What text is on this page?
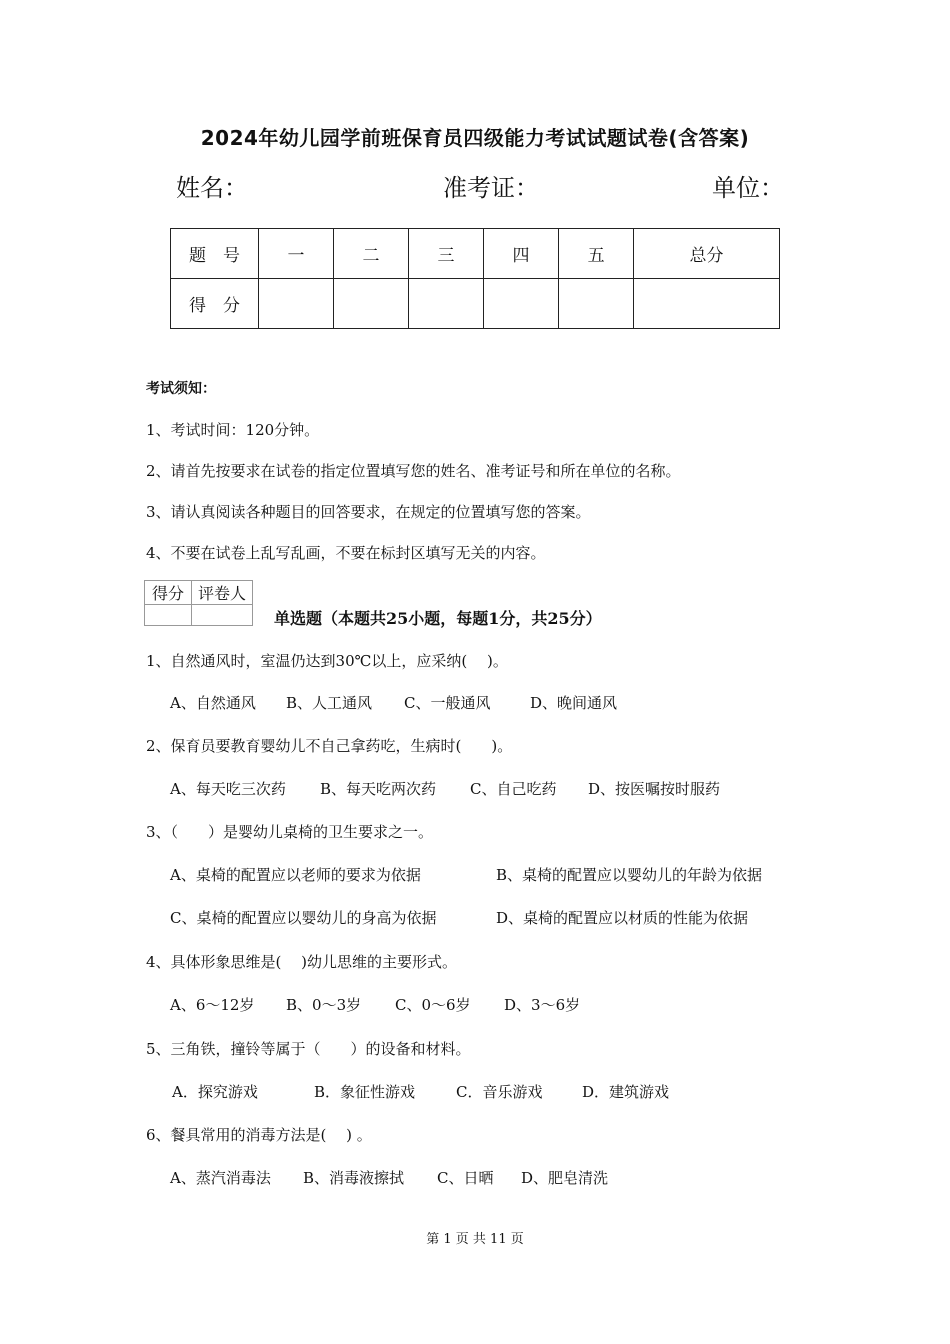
2024年幼儿园学前班保育员四级能力考试试题试卷(含答案)
姓名：	准考证：	单位：
题　号	一	二	三	四	五	总分
得　分						
考试须知：
1、考试时间：120分钟。
2、请首先按要求在试卷的指定位置填写您的姓名、准考证号和所在单位的名称。
3、请认真阅读各种题目的回答要求，在规定的位置填写您的答案。
4、不要在试卷上乱写乱画，不要在标封区填写无关的内容。
得分	评卷人

单选题（本题共25小题，每题1分，共25分）
1、自然通风时，室温仍达到30℃以上，应采纳(　 )。
A、自然通风 B、人工通风 C、一般通风	D、晚间通风
2、保育员要教育婴幼儿不自己拿药吃，生病时(　　)。
A、每天吃三次药 B、每天吃两次药 C、自己吃药 D、按医嘱按时服药
3、（　　）是婴幼儿桌椅的卫生要求之一。
A、桌椅的配置应以老师的要求为依据	B、桌椅的配置应以婴幼儿的年龄为依据
C、桌椅的配置应以婴幼儿的身高为依据	D、桌椅的配置应以材质的性能为依据
4、具体形象思维是(　 )幼儿思维的主要形式。
A、6～12岁 B、0～3岁 C、0～6岁 D、3～6岁
5、三角铁，撞铃等属于（　　）的设备和材料。
A．探究游戏	B．象征性游戏	C．音乐游戏	D．建筑游戏
6、餐具常用的消毒方法是(　 ) 。
A、蒸汽消毒法 B、消毒液擦拭 C、日晒 D、肥皂清洗
第 1 页 共 11 页
